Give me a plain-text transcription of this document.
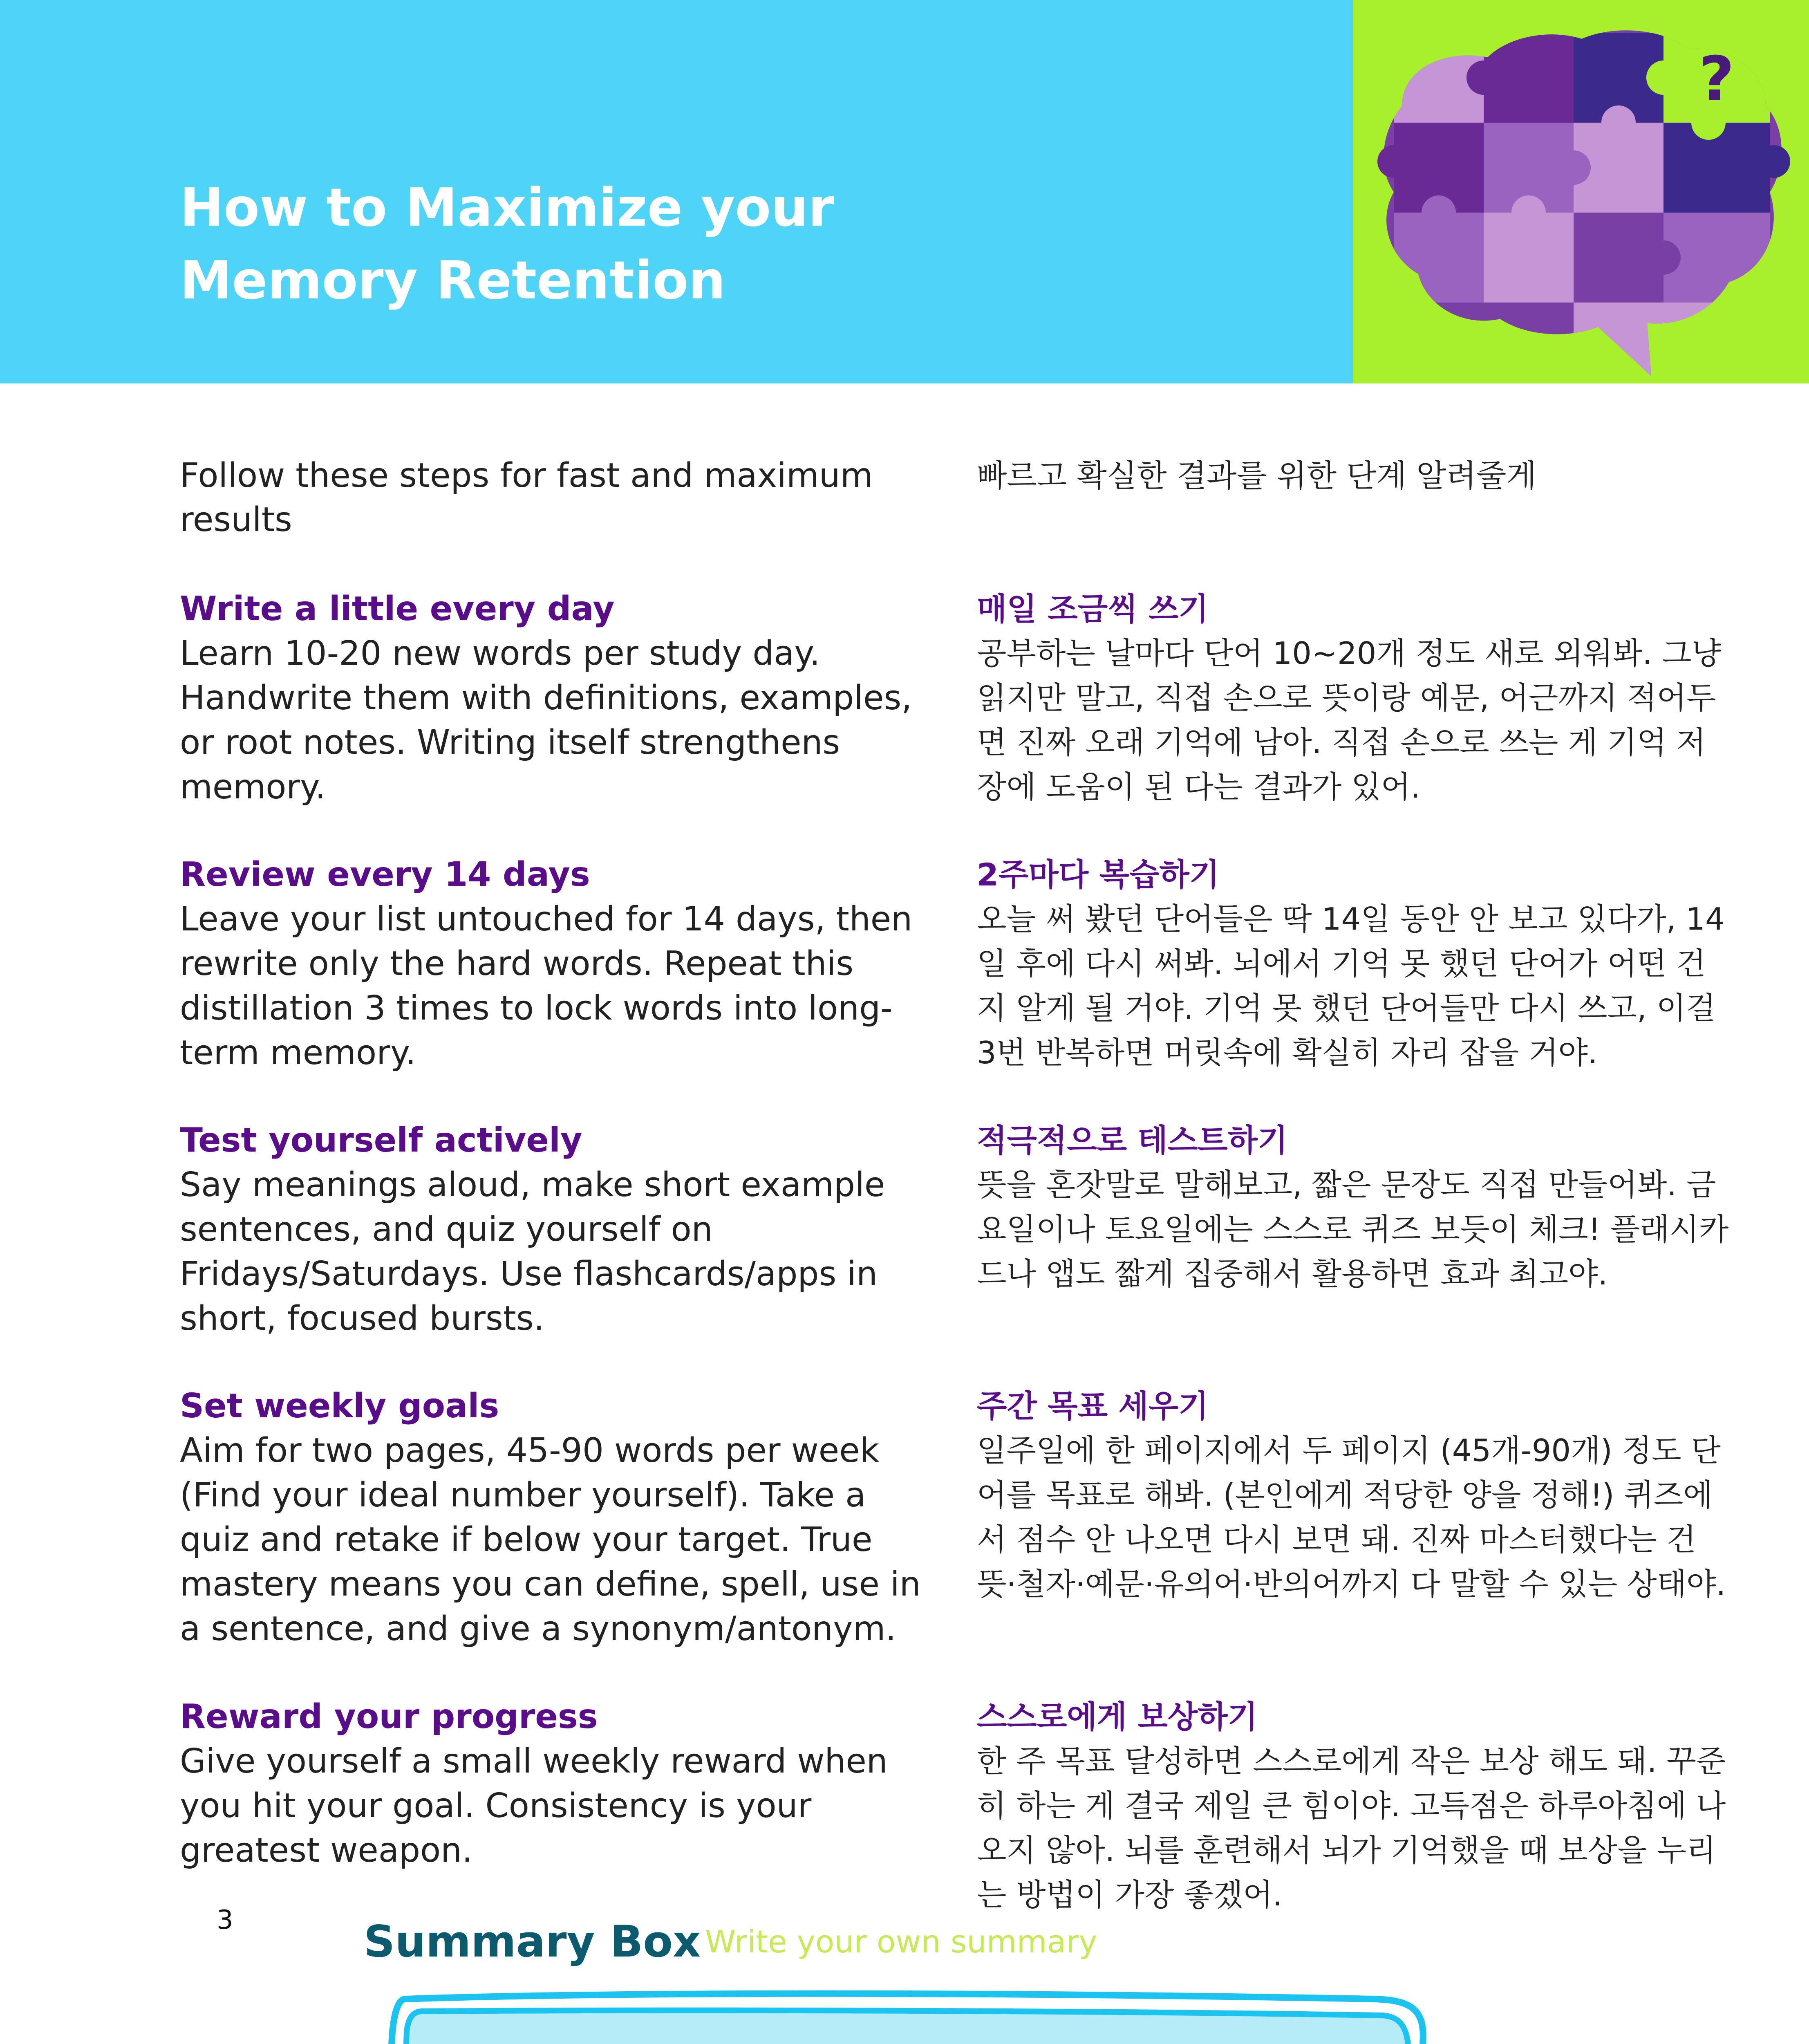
How to Maximize your
Memory Retention
?

Follow these steps for fast and maximum results

Write a little every day

Learn 10-20 new words per study day. Handwrite them with definitions, examples, or root notes. Writing itself strengthens memory.

Review every 14 days

Leave your list untouched for 14 days, then rewrite only the hard words. Repeat this distillation 3 times to lock words into long-term memory.

Test yourself actively

Say meanings aloud, make short example sentences, and quiz yourself on Fridays/Saturdays. Use flashcards/apps in short, focused bursts.

Set weekly goals

Aim for two pages, 45-90 words per week (Find your ideal number yourself). Take a quiz and retake if below your target. True mastery means you can define, spell, use in a sentence, and give a synonym/antonym.

Reward your progress

Give yourself a small weekly reward when you hit your goal. Consistency is your greatest weapon.

빠르고 확실한 결과를 위한 단계 알려줄게

매일 조금씩 쓰기

공부하는 날마다 단어 10~20개 정도 새로 외워봐. 그냥 읽지만 말고, 직접 손으로 뜻이랑 예문, 어근까지 적어두면 진짜 오래 기억에 남아. 직접 손으로 쓰는 게 기억 저장에 도움이 된 다는 결과가 있어.

2주마다 복습하기

오늘 써 봤던 단어들은 딱 14일 동안 안 보고 있다가, 14일 후에 다시 써봐. 뇌에서 기억 못 했던 단어가 어떤 건지 알게 될 거야. 기억 못 했던 단어들만 다시 쓰고, 이걸 3번 반복하면 머릿속에 확실히 자리 잡을 거야.

적극적으로 테스트하기

뜻을 혼잣말로 말해보고, 짧은 문장도 직접 만들어봐. 금요일이나 토요일에는 스스로 퀴즈 보듯이 체크! 플래시카드나 앱도 짧게 집중해서 활용하면 효과 최고야.

주간 목표 세우기

일주일에 한 페이지에서 두 페이지 (45개-90개) 정도 단어를 목표로 해봐. (본인에게 적당한 양을 정해!) 퀴즈에서 점수 안 나오면 다시 보면 돼. 진짜 마스터했다는 건 뜻·철자·예문·유의어·반의어까지 다 말할 수 있는 상태야.

스스로에게 보상하기

한 주 목표 달성하면 스스로에게 작은 보상 해도 돼. 꾸준히 하는 게 결국 제일 큰 힘이야. 고득점은 하루아침에 나오지 않아. 뇌를 훈련해서 뇌가 기억했을 때 보상을 누리는 방법이 가장 좋겠어.

3	Summary Box Write your own summary
